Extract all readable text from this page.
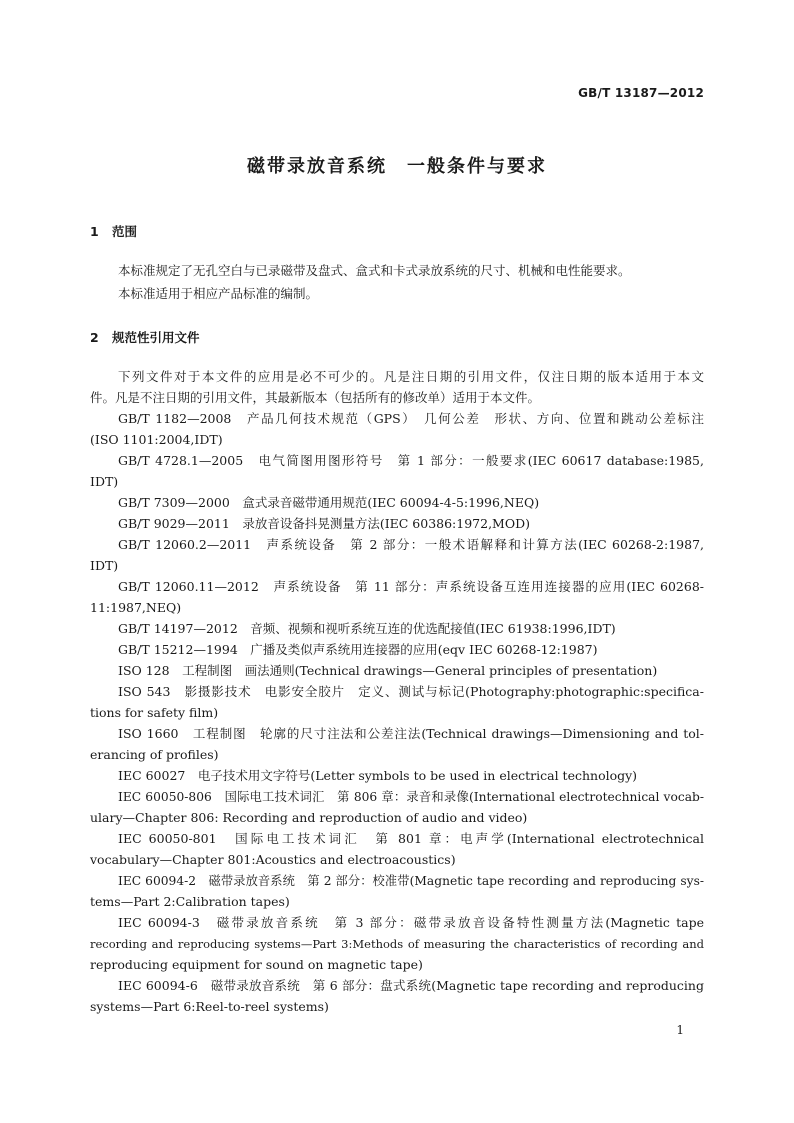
GB/T 13187—2012
磁带录放音系统　一般条件与要求
1 范围
本标准规定了无孔空白与已录磁带及盘式、盒式和卡式录放系统的尺寸、机械和电性能要求。
本标准适用于相应产品标准的编制。
2 规范性引用文件
下列文件对于本文件的应用是必不可少的。凡是注日期的引用文件，仅注日期的版本适用于本文
件。凡是不注日期的引用文件，其最新版本（包括所有的修改单）适用于本文件。
GB/T 1182—2008　产品几何技术规范（GPS）　几何公差　形状、方向、位置和跳动公差标注
(ISO 1101:2004,IDT)
GB/T 4728.1—2005　电气简图用图形符号　第 1 部分：一般要求(IEC 60617 database:1985,
IDT)
GB/T 7309—2000　盒式录音磁带通用规范(IEC 60094-4-5:1996,NEQ)
GB/T 9029—2011　录放音设备抖晃测量方法(IEC 60386:1972,MOD)
GB/T 12060.2—2011　声系统设备　第 2 部分：一般术语解释和计算方法(IEC 60268-2:1987,
IDT)
GB/T 12060.11—2012　声系统设备　第 11 部分：声系统设备互连用连接器的应用(IEC 60268-
11:1987,NEQ)
GB/T 14197—2012　音频、视频和视听系统互连的优选配接值(IEC 61938:1996,IDT)
GB/T 15212—1994　广播及类似声系统用连接器的应用(eqv IEC 60268-12:1987)
ISO 128　工程制图　画法通则(Technical drawings—General principles of presentation)
ISO 543　影摄影技术　电影安全胶片　定义、测试与标记(Photography:photographic:specifica-
tions for safety film)
ISO 1660　工程制图　轮廓的尺寸注法和公差注法(Technical drawings—Dimensioning and tol-
erancing of profiles)
IEC 60027　电子技术用文字符号(Letter symbols to be used in electrical technology)
IEC 60050-806　国际电工技术词汇　第 806 章：录音和录像(International electrotechnical vocab-
ulary—Chapter 806: Recording and reproduction of audio and video)
IEC 60050-801　国际电工技术词汇　第 801 章：电声学(International electrotechnical
vocabulary—Chapter 801:Acoustics and electroacoustics)
IEC 60094-2　磁带录放音系统　第 2 部分：校准带(Magnetic tape recording and reproducing sys-
tems—Part 2:Calibration tapes)
IEC 60094-3　磁带录放音系统　第 3 部分：磁带录放音设备特性测量方法(Magnetic tape
recording and reproducing systems—Part 3:Methods of measuring the characteristics of recording and
reproducing equipment for sound on magnetic tape)
IEC 60094-6　磁带录放音系统　第 6 部分：盘式系统(Magnetic tape recording and reproducing
systems—Part 6:Reel-to-reel systems)
1
